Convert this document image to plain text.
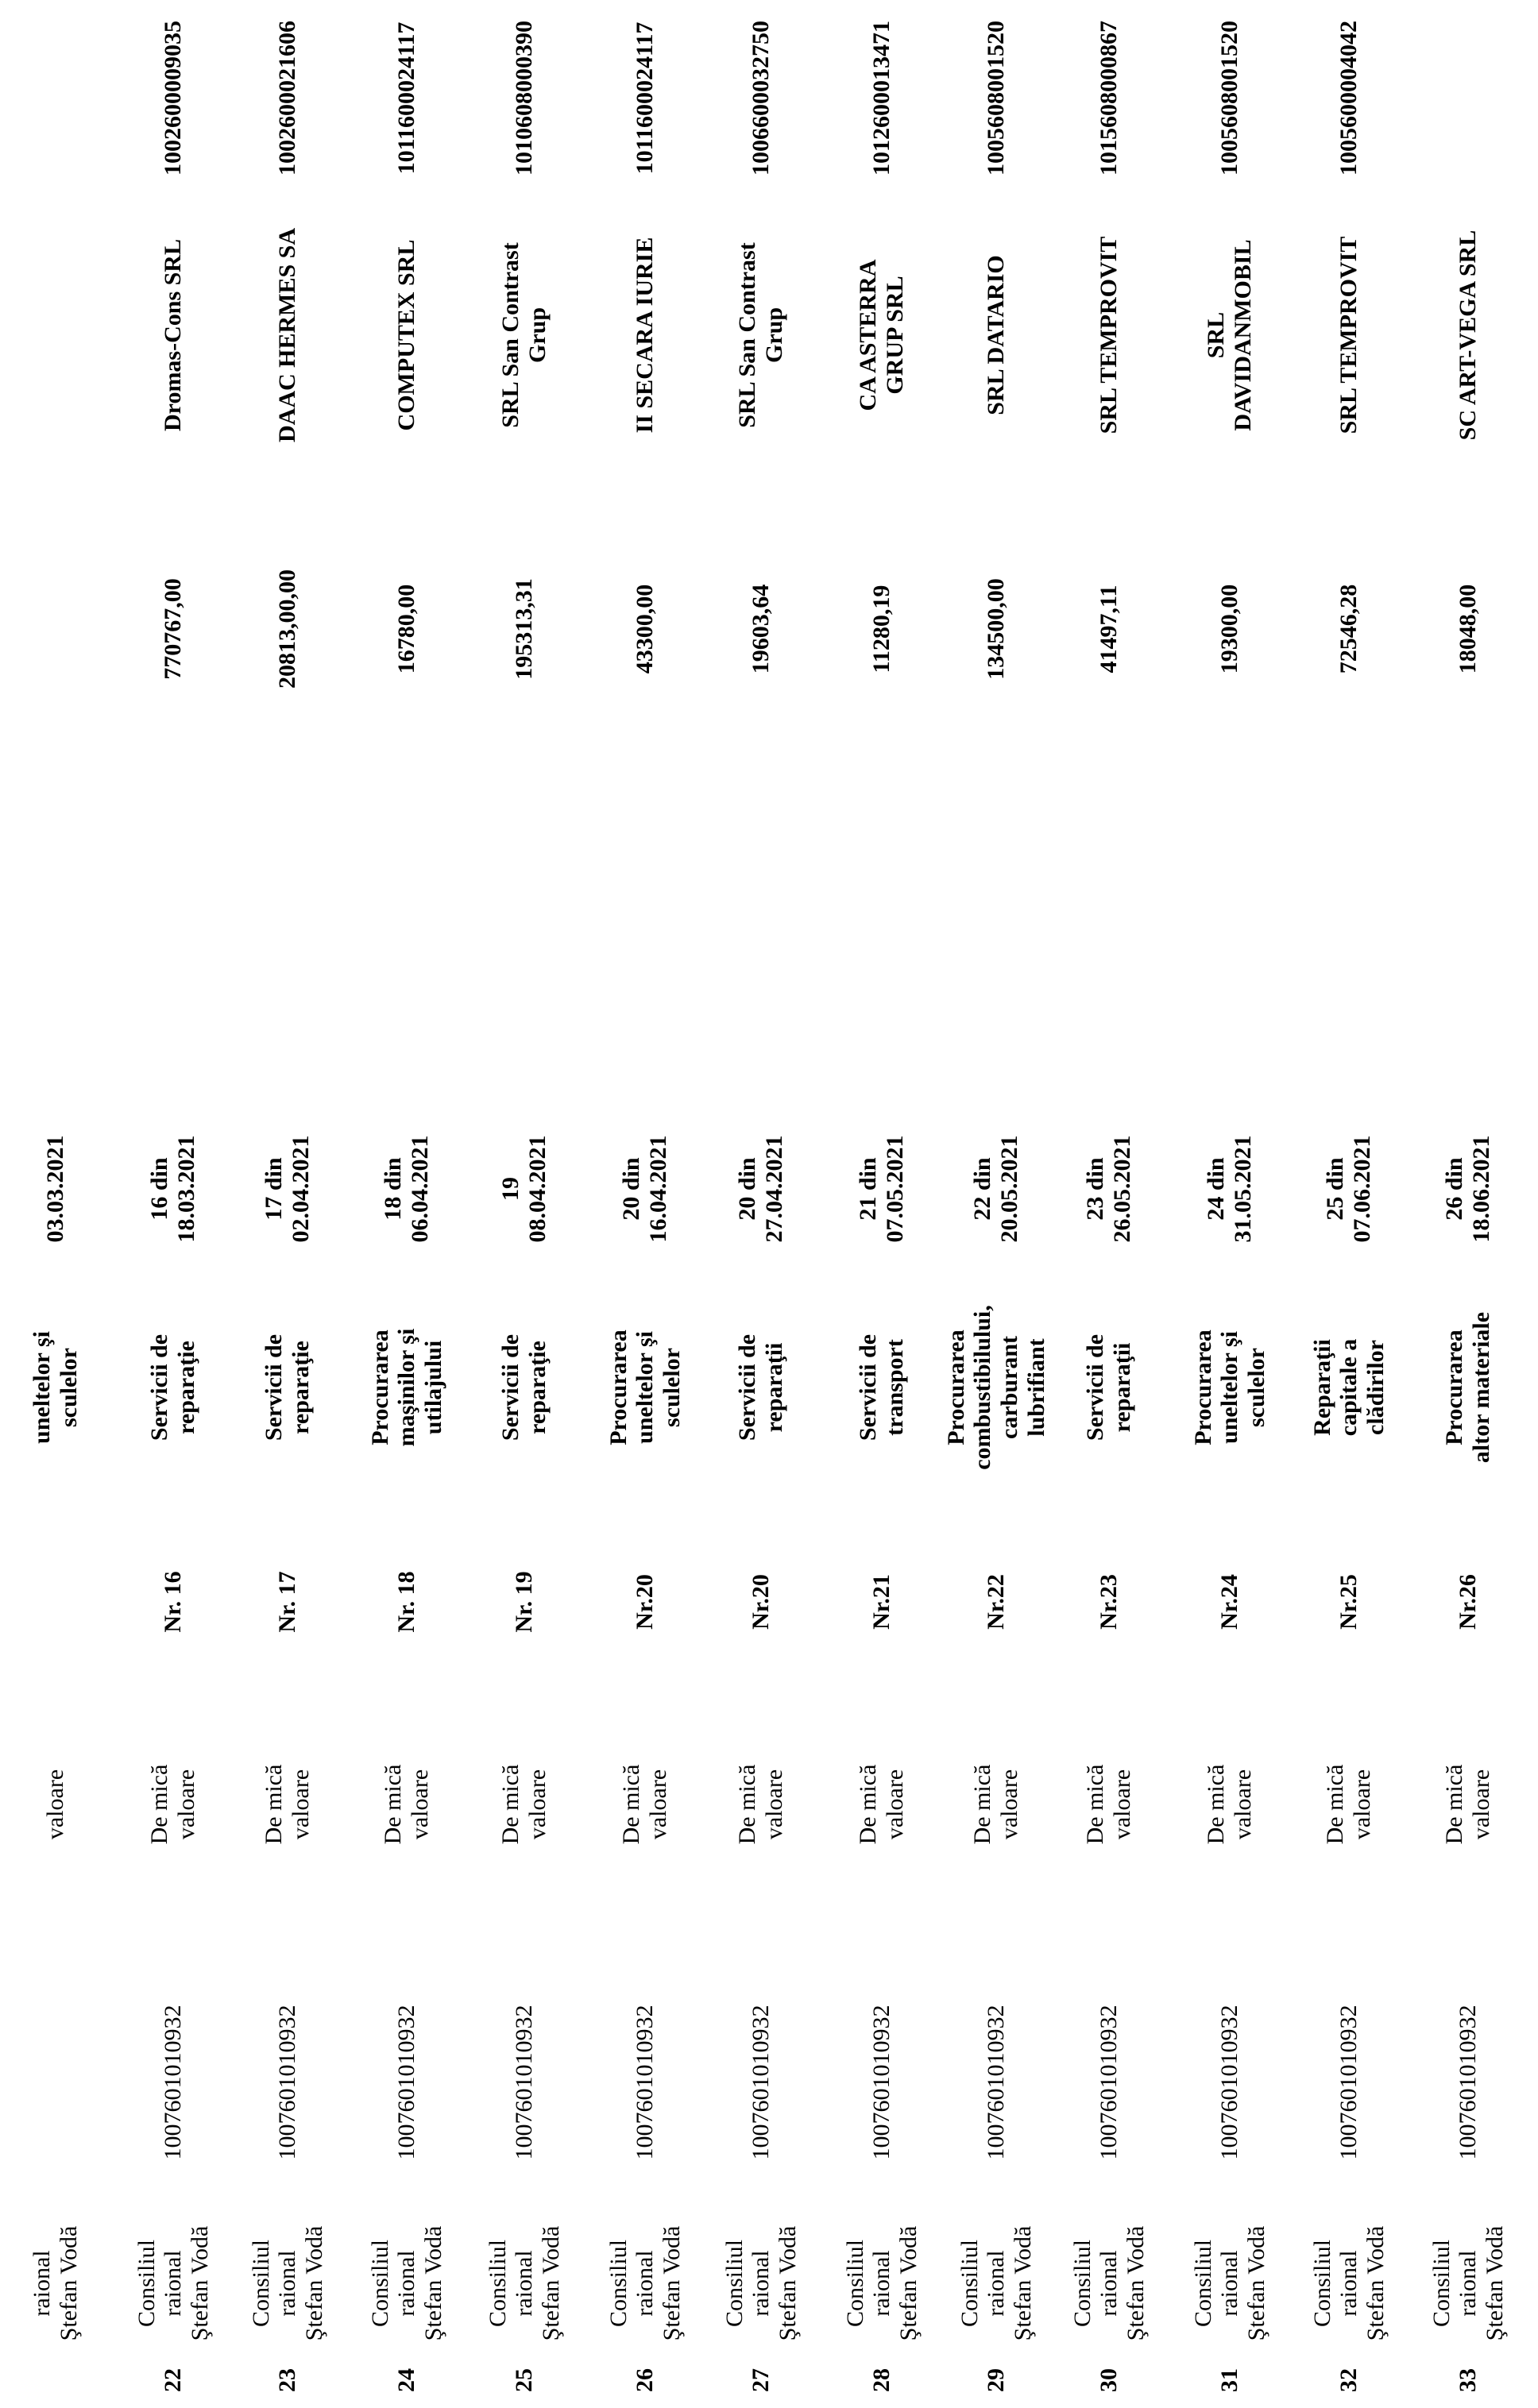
raional Ştefan Vodă
valoare
uneltelor şi sculelor
03.03.2021
22
Consiliul raional Ştefan Vodă
1007601010932
De mică valoare
Nr. 16
Servicii de reparaţie
16 din 18.03.2021
770767,00
Dromas-Cons SRL
1002600009035
23
Consiliul raional Ştefan Vodă
1007601010932
De mică valoare
Nr. 17
Servicii de reparaţie
17 din 02.04.2021
20813,00,00
DAAC HERMES SA
1002600021606
24
Consiliul raional Ştefan Vodă
1007601010932
De mică valoare
Nr. 18
Procurarea maşinilor şi utilajului
18 din 06.04.2021
16780,00
COMPUTEX SRL
1011600024117
25
Consiliul raional Ştefan Vodă
1007601010932
De mică valoare
Nr. 19
Servicii de reparaţie
19 08.04.2021
195313,31
SRL San Contrast Grup
1010608000390
26
Consiliul raional Ştefan Vodă
1007601010932
De mică valoare
Nr.20
Procurarea uneltelor şi sculelor
20 din 16.04.2021
43300,00
II SECARA IURIE
1011600024117
27
Consiliul raional Ştefan Vodă
1007601010932
De mică valoare
Nr.20
Servicii de reparaţii
20 din 27.04.2021
19603,64
SRL San Contrast Grup
1006600032750
28
Consiliul raional Ştefan Vodă
1007601010932
De mică valoare
Nr.21
Servicii de transport
21 din 07.05.2021
11280,19
CA ASTERRA GRUP SRL
1012600013471
29
Consiliul raional Ştefan Vodă
1007601010932
De mică valoare
Nr.22
Procurarea combustibilului, carburant lubrifiant
22 din 20.05.2021
134500,00
SRL DATARIO
1005608001520
30
Consiliul raional Ştefan Vodă
1007601010932
De mică valoare
Nr.23
Servicii de reparaţii
23 din 26.05.2021
41497,11
SRL TEMPROVIT
1015608000867
31
Consiliul raional Ştefan Vodă
1007601010932
De mică valoare
Nr.24
Procurarea uneltelor şi sculelor
24 din 31.05.2021
19300,00
SRL DAVIDANMOBIL
1005608001520
32
Consiliul raional Ştefan Vodă
1007601010932
De mică valoare
Nr.25
Reparaţii capitale a clădirilor
25 din 07.06.2021
72546,28
SRL TEMPROVIT
1005600004042
33
Consiliul raional Ştefan Vodă
1007601010932
De mică valoare
Nr.26
Procurarea altor materiale
26 din 18.06.2021
18048,00
SC ART-VEGA SRL
